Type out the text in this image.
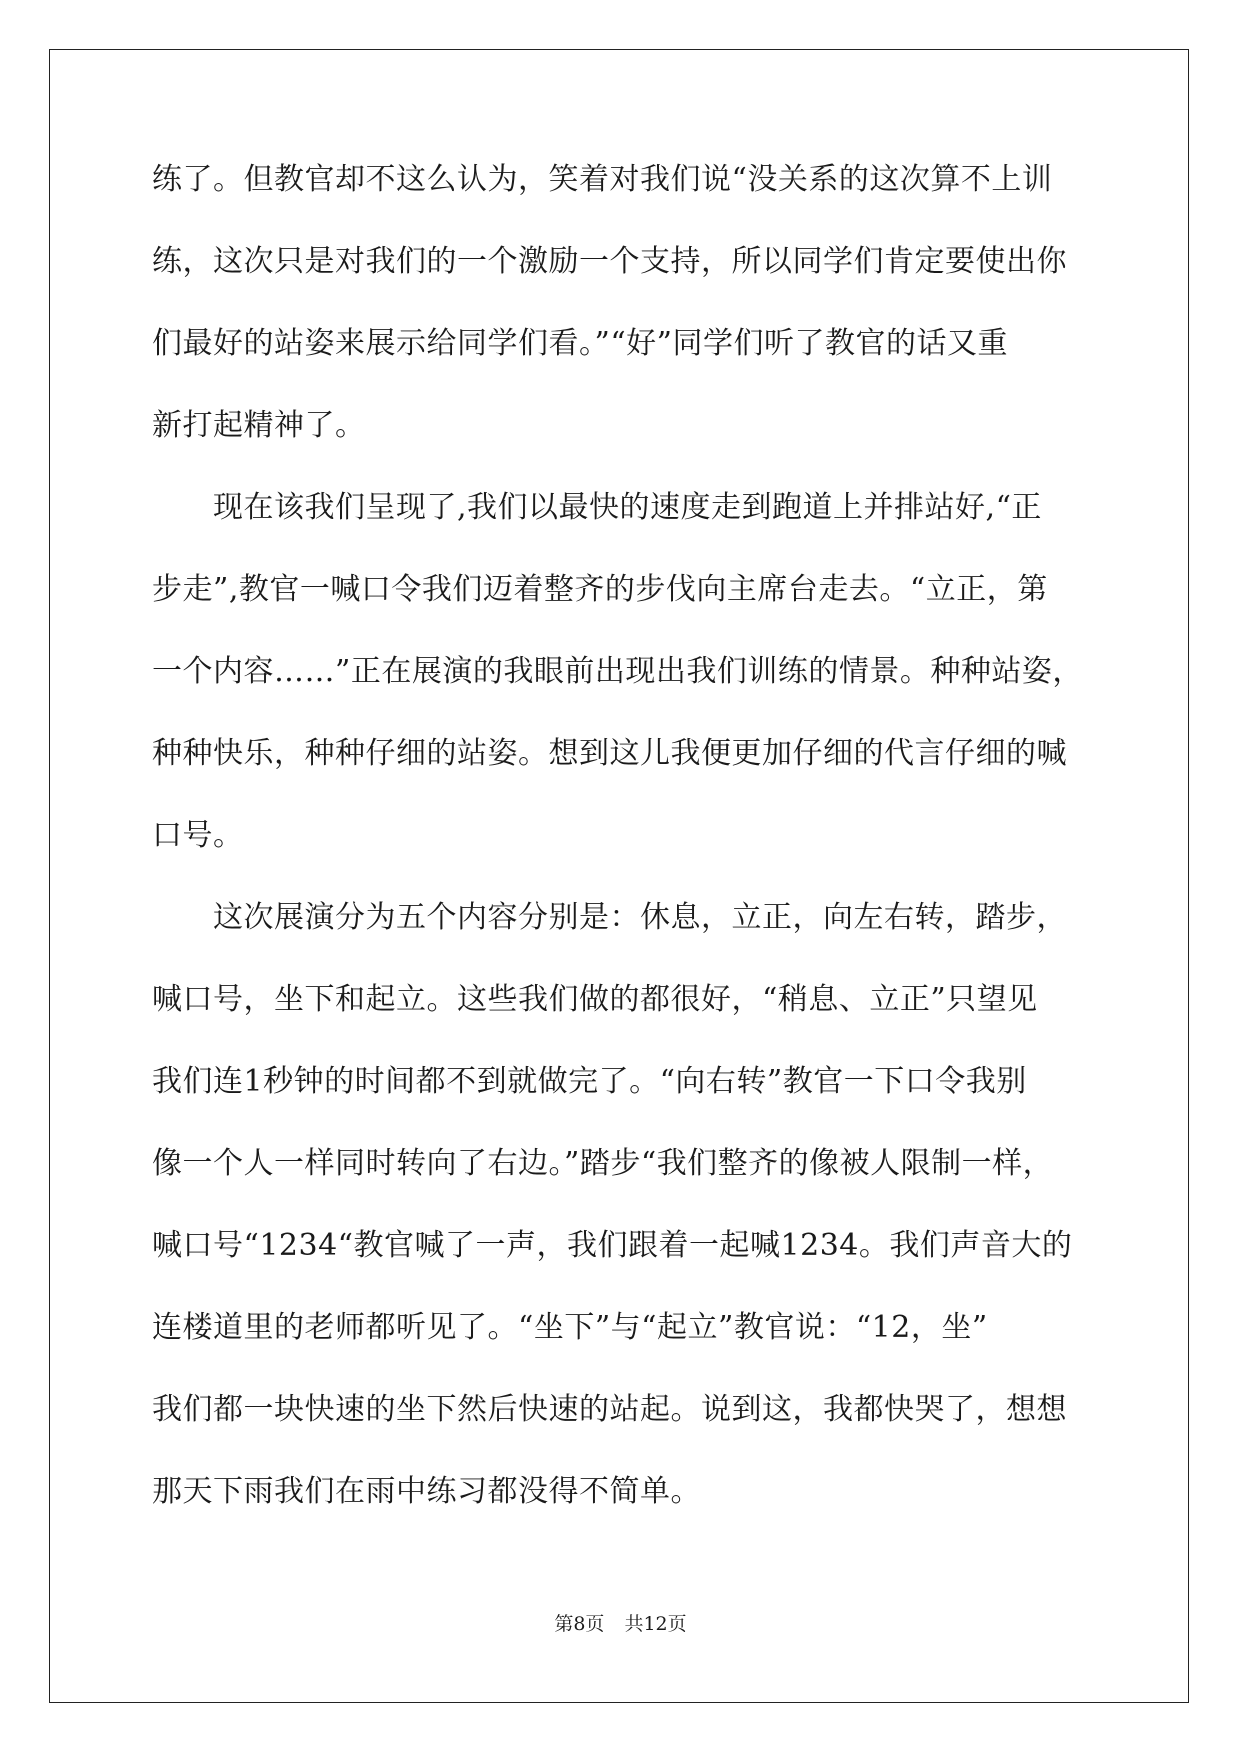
练了。但教官却不这么认为，笑着对我们说“没关系的这次算不上训
练，这次只是对我们的一个激励一个支持，所以同学们肯定要使出你
们最好的站姿来展示给同学们看。”“好”同学们听了教官的话又重
新打起精神了。
　　现在该我们呈现了,我们以最快的速度走到跑道上并排站好,“正
步走”,教官一喊口令我们迈着整齐的步伐向主席台走去。“立正，第
一个内容……”正在展演的我眼前出现出我们训练的情景。种种站姿，
种种快乐，种种仔细的站姿。想到这儿我便更加仔细的代言仔细的喊
口号。
　　这次展演分为五个内容分别是：休息，立正，向左右转，踏步，
喊口号，坐下和起立。这些我们做的都很好，“稍息、立正”只望见
我们连1秒钟的时间都不到就做完了。“向右转”教官一下口令我别
像一个人一样同时转向了右边。”踏步“我们整齐的像被人限制一样，
喊口号“1234“教官喊了一声，我们跟着一起喊1234。我们声音大的
连楼道里的老师都听见了。“坐下”与“起立”教官说：“12，坐”
我们都一块快速的坐下然后快速的站起。说到这，我都快哭了，想想
那天下雨我们在雨中练习都没得不简单。
第8页 共12页
